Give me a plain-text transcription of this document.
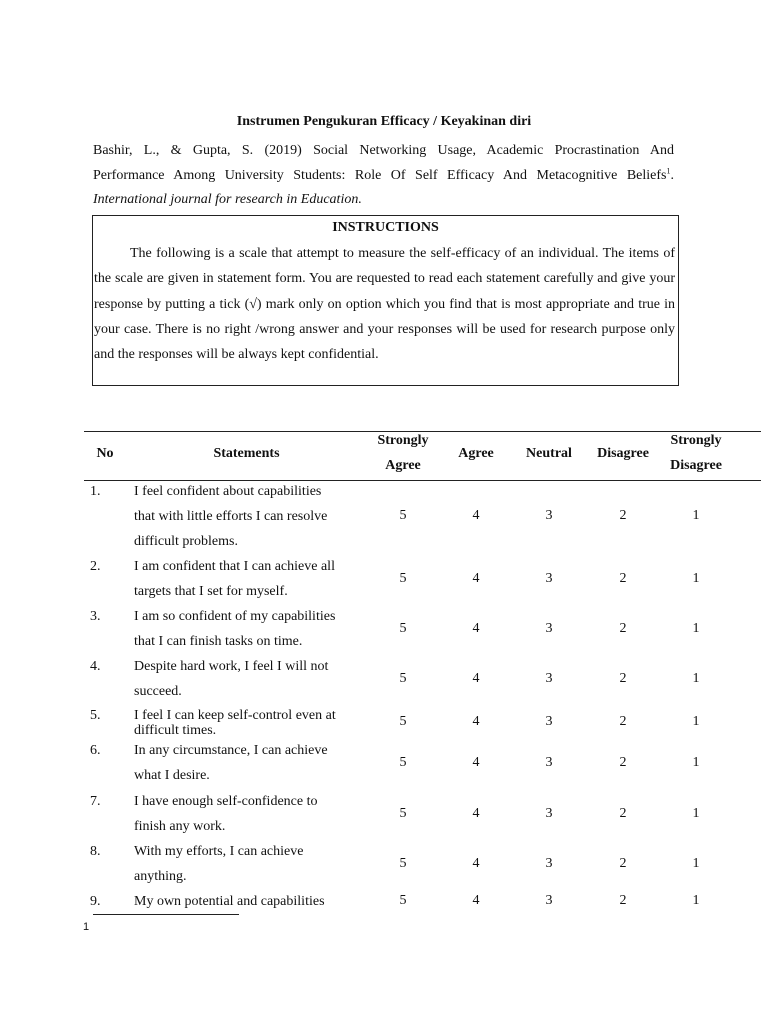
Instrumen Pengukuran Efficacy / Keyakinan diri
Bashir, L., & Gupta, S. (2019) Social Networking Usage, Academic Procrastination And
Performance Among University Students: Role Of Self Efficacy And Metacognitive Beliefs$^1$.
International journal for research in Education.
INSTRUCTIONS
The following is a scale that attempt to measure the self-efficacy of an individual. The items of the scale are given in statement form. You are requested to read each statement carefully and give your response by putting a tick (√) mark only on option which you find that is most appropriate and true in your case. There is no right /wrong answer and your responses will be used for research purpose only and the responses will be always kept confidential.
No	Statements
Strongly
Agree
Agree	Neutral	Disagree
Strongly
Disagree
1. I feel confident about capabilities
that with little efforts I can resolve
difficult problems.
5	4	3	2	1
2. I am confident that I can achieve all
targets that I set for myself.
5	4	3	2	1
3. I am so confident of my capabilities
that I can finish tasks on time.
5	4	3	2	1
4. Despite hard work, I feel I will not
succeed.
5	4	3	2	1
5. I feel I can keep self-control even at
difficult times.
5	4	3	2	1
6. In any circumstance, I can achieve
what I desire.
5	4	3	2	1
7. I have enough self-confidence to
finish any work.
5	4	3	2	1
8. With my efforts, I can achieve
anything.
5	4	3	2	1
9. My own potential and capabilities	5	4	3	2	1
1
